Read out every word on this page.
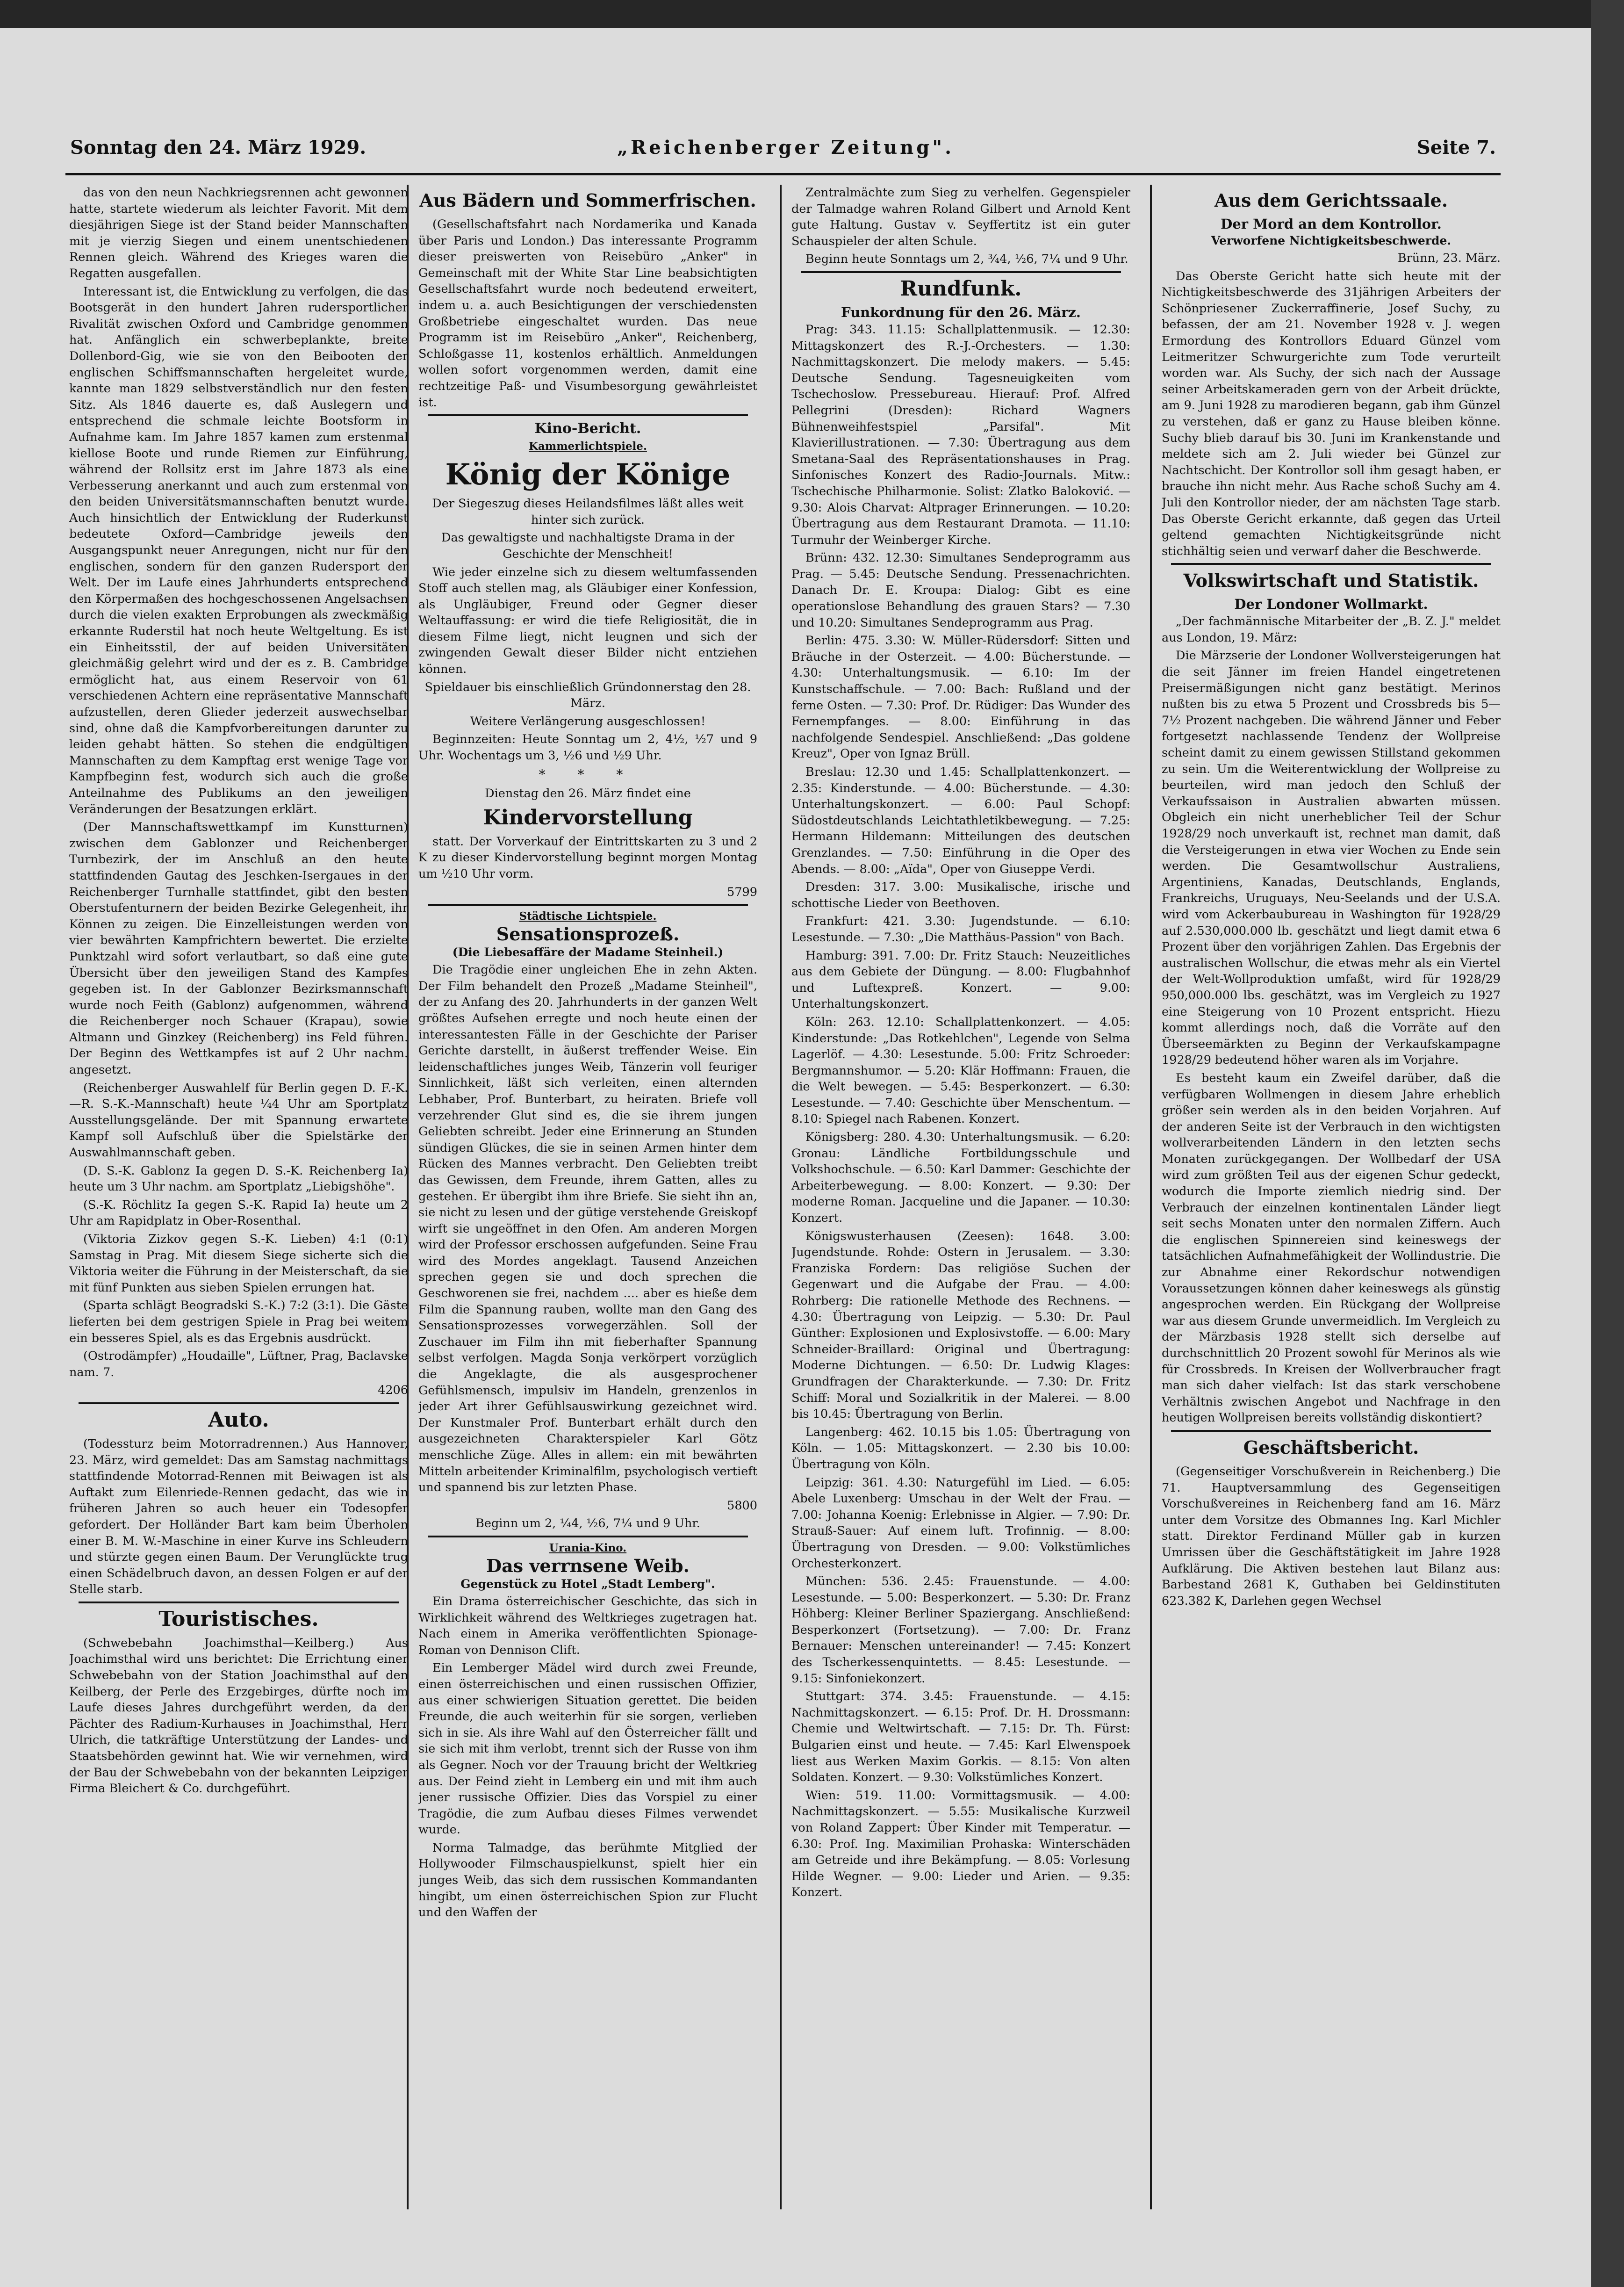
Sonntag den 24. März 1929.	„Reichenberger Zeitung".	Seite 7.

das von den neun Nachkriegsrennen acht gewonnen hatte, startete wiederum als leichter Favorit. Mit dem diesjährigen Siege ist der Stand beider Mannschaften mit je vierzig Siegen und einem unentschiedenen Rennen gleich. Während des Krieges waren die Regatten ausgefallen.

Interessant ist, die Entwicklung zu verfolgen, die das Bootsgerät in den hundert Jahren rudersportlicher Rivalität zwischen Oxford und Cambridge genommen hat. Anfänglich ein schwerbeplankte, breite Dollenbord-Gig, wie sie von den Beibooten der englischen Schiffsmannschaften hergeleitet wurde, kannte man 1829 selbstverständlich nur den festen Sitz. Als 1846 dauerte es, daß Auslegern und entsprechend die schmale leichte Bootsform in Aufnahme kam. Im Jahre 1857 kamen zum erstenmal kiellose Boote und runde Riemen zur Einführung, während der Rollsitz erst im Jahre 1873 als eine Verbesserung anerkannt und auch zum erstenmal von den beiden Universitätsmannschaften benutzt wurde. Auch hinsichtlich der Entwicklung der Ruderkunst bedeutete Oxford—Cambridge jeweils den Ausgangspunkt neuer Anregungen, nicht nur für den englischen, sondern für den ganzen Rudersport der Welt. Der im Laufe eines Jahrhunderts entsprechend den Körpermaßen des hochgeschossenen Angelsachsen durch die vielen exakten Erprobungen als zweckmäßig erkannte Ruderstil hat noch heute Weltgeltung. Es ist ein Einheitsstil, der auf beiden Universitäten gleichmäßig gelehrt wird und der es z. B. Cambridge ermöglicht hat, aus einem Reservoir von 61 verschiedenen Achtern eine repräsentative Mannschaft aufzustellen, deren Glieder jederzeit auswechselbar sind, ohne daß die Kampfvorbereitungen darunter zu leiden gehabt hätten. So stehen die endgültigen Mannschaften zu dem Kampftag erst wenige Tage vor Kampfbeginn fest, wodurch sich auch die große Anteilnahme des Publikums an den jeweiligen Veränderungen der Besatzungen erklärt.

(Der Mannschaftswettkampf im Kunstturnen) zwischen dem Gablonzer und Reichenberger Turnbezirk, der im Anschluß an den heute stattfindenden Gautag des Jeschken-Isergaues in der Reichenberger Turnhalle stattfindet, gibt den besten Oberstufenturnern der beiden Bezirke Gelegenheit, ihr Können zu zeigen. Die Einzelleistungen werden von vier bewährten Kampfrichtern bewertet. Die erzielte Punktzahl wird sofort verlautbart, so daß eine gute Übersicht über den jeweiligen Stand des Kampfes gegeben ist. In der Gablonzer Bezirksmannschaft wurde noch Feith (Gablonz) aufgenommen, während die Reichenberger noch Schauer (Krapau), sowie Altmann und Ginzkey (Reichenberg) ins Feld führen. Der Beginn des Wettkampfes ist auf 2 Uhr nachm. angesetzt.

(Reichenberger Auswahlelf für Berlin gegen D. F.-K.—R. S.-K.-Mannschaft) heute ¼4 Uhr am Sportplatz Ausstellungsgelände. Der mit Spannung erwartete Kampf soll Aufschluß über die Spielstärke der Auswahlmannschaft geben.

(D. S.-K. Gablonz Ia gegen D. S.-K. Reichenberg Ia) heute um 3 Uhr nachm. am Sportplatz „Liebigshöhe".

(S.-K. Röchlitz Ia gegen S.-K. Rapid Ia) heute um 2 Uhr am Rapidplatz in Ober-Rosenthal.

(Viktoria Zizkov gegen S.-K. Lieben) 4:1 (0:1) Samstag in Prag. Mit diesem Siege sicherte sich die Viktoria weiter die Führung in der Meisterschaft, da sie mit fünf Punkten aus sieben Spielen errungen hat.

(Sparta schlägt Beogradski S.-K.) 7:2 (3:1). Die Gäste lieferten bei dem gestrigen Spiele in Prag bei weitem ein besseres Spiel, als es das Ergebnis ausdrückt.

(Ostrodämpfer) „Houdaille", Lüftner, Prag, Baclavske nam. 7.

4206

Auto.

(Todessturz beim Motorradrennen.) Aus Hannover, 23. März, wird gemeldet: Das am Samstag nachmittags stattfindende Motorrad-Rennen mit Beiwagen ist als Auftakt zum Eilenriede-Rennen gedacht, das wie in früheren Jahren so auch heuer ein Todesopfer gefordert. Der Holländer Bart kam beim Überholen einer B. M. W.-Maschine in einer Kurve ins Schleudern und stürzte gegen einen Baum. Der Verunglückte trug einen Schädelbruch davon, an dessen Folgen er auf der Stelle starb.

Touristisches.

(Schwebebahn Joachimsthal—Keilberg.) Aus Joachimsthal wird uns berichtet: Die Errichtung einer Schwebebahn von der Station Joachimsthal auf den Keilberg, der Perle des Erzgebirges, dürfte noch im Laufe dieses Jahres durchgeführt werden, da der Pächter des Radium-Kurhauses in Joachimsthal, Herr Ulrich, die tatkräftige Unterstützung der Landes- und Staatsbehörden gewinnt hat. Wie wir vernehmen, wird der Bau der Schwebebahn von der bekannten Leipziger Firma Bleichert & Co. durchgeführt.

Aus Bädern und Sommerfrischen.

(Gesellschaftsfahrt nach Nordamerika und Kanada über Paris und London.) Das interessante Programm dieser preiswerten von Reisebüro „Anker" in Gemeinschaft mit der White Star Line beabsichtigten Gesellschaftsfahrt wurde noch bedeutend erweitert, indem u. a. auch Besichtigungen der verschiedensten Großbetriebe eingeschaltet wurden. Das neue Programm ist im Reisebüro „Anker", Reichenberg, Schloßgasse 11, kostenlos erhältlich. Anmeldungen wollen sofort vorgenommen werden, damit eine rechtzeitige Paß- und Visumbesorgung gewährleistet ist.

Kino-Bericht.
Kammerlichtspiele.
König der Könige

Der Siegeszug dieses Heilandsfilmes läßt alles weit hinter sich zurück.

Das gewaltigste und nachhaltigste Drama in der Geschichte der Menschheit!

Wie jeder einzelne sich zu diesem weltumfassenden Stoff auch stellen mag, als Gläubiger einer Konfession, als Ungläubiger, Freund oder Gegner dieser Weltauffassung: er wird die tiefe Religiosität, die in diesem Filme liegt, nicht leugnen und sich der zwingenden Gewalt dieser Bilder nicht entziehen können.

Spieldauer bis einschließlich Gründonnerstag den 28. März.

Weitere Verlängerung ausgeschlossen!

Beginnzeiten: Heute Sonntag um 2, 4½, ½7 und 9 Uhr. Wochentags um 3, ½6 und ½9 Uhr.

* * *

Dienstag den 26. März findet eine

Kindervorstellung

statt. Der Vorverkauf der Eintrittskarten zu 3 und 2 K zu dieser Kindervorstellung beginnt morgen Montag um ½10 Uhr vorm.

5799

Städtische Lichtspiele.
Sensationsprozeß.
(Die Liebesaffäre der Madame Steinheil.)

Die Tragödie einer ungleichen Ehe in zehn Akten. Der Film behandelt den Prozeß „Madame Steinheil", der zu Anfang des 20. Jahrhunderts in der ganzen Welt größtes Aufsehen erregte und noch heute einen der interessantesten Fälle in der Geschichte der Pariser Gerichte darstellt, in äußerst treffender Weise. Ein leidenschaftliches junges Weib, Tänzerin voll feuriger Sinnlichkeit, läßt sich verleiten, einen alternden Lebhaber, Prof. Bunterbart, zu heiraten. Briefe voll verzehrender Glut sind es, die sie ihrem jungen Geliebten schreibt. Jeder eine Erinnerung an Stunden sündigen Glückes, die sie in seinen Armen hinter dem Rücken des Mannes verbracht. Den Geliebten treibt das Gewissen, dem Freunde, ihrem Gatten, alles zu gestehen. Er übergibt ihm ihre Briefe. Sie sieht ihn an, sie nicht zu lesen und der gütige verstehende Greiskopf wirft sie ungeöffnet in den Ofen. Am anderen Morgen wird der Professor erschossen aufgefunden. Seine Frau wird des Mordes angeklagt. Tausend Anzeichen sprechen gegen sie und doch sprechen die Geschworenen sie frei, nachdem .... aber es hieße dem Film die Spannung rauben, wollte man den Gang des Sensationsprozesses vorwegerzählen. Soll der Zuschauer im Film ihn mit fieberhafter Spannung selbst verfolgen. Magda Sonja verkörpert vorzüglich die Angeklagte, die als ausgesprochener Gefühlsmensch, impulsiv im Handeln, grenzenlos in jeder Art ihrer Gefühlsauswirkung gezeichnet wird. Der Kunstmaler Prof. Bunterbart erhält durch den ausgezeichneten Charakterspieler Karl Götz menschliche Züge. Alles in allem: ein mit bewährten Mitteln arbeitender Kriminalfilm, psychologisch vertieft und spannend bis zur letzten Phase.

5800

Beginn um 2, ¼4, ½6, 7¼ und 9 Uhr.

Urania-Kino.
Das verrnsene Weib.
Gegenstück zu Hotel „Stadt Lemberg".

Ein Drama österreichischer Geschichte, das sich in Wirklichkeit während des Weltkrieges zugetragen hat. Nach einem in Amerika veröffentlichten Spionage-Roman von Dennison Clift.

Ein Lemberger Mädel wird durch zwei Freunde, einen österreichischen und einen russischen Offizier, aus einer schwierigen Situation gerettet. Die beiden Freunde, die auch weiterhin für sie sorgen, verlieben sich in sie. Als ihre Wahl auf den Österreicher fällt und sie sich mit ihm verlobt, trennt sich der Russe von ihm als Gegner. Noch vor der Trauung bricht der Weltkrieg aus. Der Feind zieht in Lemberg ein und mit ihm auch jener russische Offizier. Dies das Vorspiel zu einer Tragödie, die zum Aufbau dieses Filmes verwendet wurde.

Norma Talmadge, das berühmte Mitglied der Hollywooder Filmschauspielkunst, spielt hier ein junges Weib, das sich dem russischen Kommandanten hingibt, um einen österreichischen Spion zur Flucht und den Waffen der

Zentralmächte zum Sieg zu verhelfen. Gegenspieler der Talmadge wahren Roland Gilbert und Arnold Kent gute Haltung. Gustav v. Seyffertitz ist ein guter Schauspieler der alten Schule.

Beginn heute Sonntags um 2, ¾4, ½6, 7¼ und 9 Uhr.

Rundfunk.
Funkordnung für den 26. März.

Prag: 343. 11.15: Schallplattenmusik. — 12.30: Mittagskonzert des R.-J.-Orchesters. — 1.30: Nachmittagskonzert. Die melody makers. — 5.45: Deutsche Sendung. Tagesneuigkeiten vom Tschechoslow. Pressebureau. Hierauf: Prof. Alfred Pellegrini (Dresden): Richard Wagners Bühnenweihfestspiel „Parsifal". Mit Klavierillustrationen. — 7.30: Übertragung aus dem Smetana-Saal des Repräsentationshauses in Prag. Sinfonisches Konzert des Radio-Journals. Mitw.: Tschechische Philharmonie. Solist: Zlatko Baloković. — 9.30: Alois Charvat: Altprager Erinnerungen. — 10.20: Übertragung aus dem Restaurant Dramota. — 11.10: Turmuhr der Weinberger Kirche.

Brünn: 432. 12.30: Simultanes Sendeprogramm aus Prag. — 5.45: Deutsche Sendung. Pressenachrichten. Danach Dr. E. Kroupa: Dialog: Gibt es eine operationslose Behandlung des grauen Stars? — 7.30 und 10.20: Simultanes Sendeprogramm aus Prag.

Berlin: 475. 3.30: W. Müller-Rüdersdorf: Sitten und Bräuche in der Osterzeit. — 4.00: Bücherstunde. — 4.30: Unterhaltungsmusik. — 6.10: Im der Kunstschaffschule. — 7.00: Bach: Rußland und der ferne Osten. — 7.30: Prof. Dr. Rüdiger: Das Wunder des Fernempfanges. — 8.00: Einführung in das nachfolgende Sendespiel. Anschließend: „Das goldene Kreuz", Oper von Ignaz Brüll.

Breslau: 12.30 und 1.45: Schallplattenkonzert. — 2.35: Kinderstunde. — 4.00: Bücherstunde. — 4.30: Unterhaltungskonzert. — 6.00: Paul Schopf: Südostdeutschlands Leichtathletikbewegung. — 7.25: Hermann Hildemann: Mitteilungen des deutschen Grenzlandes. — 7.50: Einführung in die Oper des Abends. — 8.00: „Aïda", Oper von Giuseppe Verdi.

Dresden: 317. 3.00: Musikalische, irische und schottische Lieder von Beethoven.

Frankfurt: 421. 3.30: Jugendstunde. — 6.10: Lesestunde. — 7.30: „Die Matthäus-Passion" von Bach.

Hamburg: 391. 7.00: Dr. Fritz Stauch: Neuzeitliches aus dem Gebiete der Düngung. — 8.00: Flugbahnhof und Luftexpreß. Konzert. — 9.00: Unterhaltungskonzert.

Köln: 263. 12.10: Schallplattenkonzert. — 4.05: Kinderstunde: „Das Rotkehlchen", Legende von Selma Lagerlöf. — 4.30: Lesestunde. 5.00: Fritz Schroeder: Bergmannshumor. — 5.20: Klär Hoffmann: Frauen, die die Welt bewegen. — 5.45: Besperkonzert. — 6.30: Lesestunde. — 7.40: Geschichte über Menschentum. — 8.10: Spiegel nach Rabenen. Konzert.

Königsberg: 280. 4.30: Unterhaltungsmusik. — 6.20: Gronau: Ländliche Fortbildungsschule und Volkshochschule. — 6.50: Karl Dammer: Geschichte der Arbeiterbewegung. — 8.00: Konzert. — 9.30: Der moderne Roman. Jacqueline und die Japaner. — 10.30: Konzert.

Königswusterhausen (Zeesen): 1648. 3.00: Jugendstunde. Rohde: Ostern in Jerusalem. — 3.30: Franziska Fordern: Das religiöse Suchen der Gegenwart und die Aufgabe der Frau. — 4.00: Rohrberg: Die rationelle Methode des Rechnens. — 4.30: Übertragung von Leipzig. — 5.30: Dr. Paul Günther: Explosionen und Explosivstoffe. — 6.00: Mary Schneider-Braillard: Original und Übertragung: Moderne Dichtungen. — 6.50: Dr. Ludwig Klages: Grundfragen der Charakterkunde. — 7.30: Dr. Fritz Schiff: Moral und Sozialkritik in der Malerei. — 8.00 bis 10.45: Übertragung von Berlin.

Langenberg: 462. 10.15 bis 1.05: Übertragung von Köln. — 1.05: Mittagskonzert. — 2.30 bis 10.00: Übertragung von Köln.

Leipzig: 361. 4.30: Naturgefühl im Lied. — 6.05: Abele Luxenberg: Umschau in der Welt der Frau. — 7.00: Johanna Koenig: Erlebnisse in Algier. — 7.90: Dr. Strauß-Sauer: Auf einem luft. Trofinnig. — 8.00: Übertragung von Dresden. — 9.00: Volkstümliches Orchesterkonzert.

München: 536. 2.45: Frauenstunde. — 4.00: Lesestunde. — 5.00: Besperkonzert. — 5.30: Dr. Franz Höhberg: Kleiner Berliner Spaziergang. Anschließend: Besperkonzert (Fortsetzung). — 7.00: Dr. Franz Bernauer: Menschen untereinander! — 7.45: Konzert des Tscherkessenquintetts. — 8.45: Lesestunde. — 9.15: Sinfoniekonzert.

Stuttgart: 374. 3.45: Frauenstunde. — 4.15: Nachmittagskonzert. — 6.15: Prof. Dr. H. Drossmann: Chemie und Weltwirtschaft. — 7.15: Dr. Th. Fürst: Bulgarien einst und heute. — 7.45: Karl Elwenspoek liest aus Werken Maxim Gorkis. — 8.15: Von alten Soldaten. Konzert. — 9.30: Volkstümliches Konzert.

Wien: 519. 11.00: Vormittagsmusik. — 4.00: Nachmittagskonzert. — 5.55: Musikalische Kurzweil von Roland Zappert: Über Kinder mit Temperatur. — 6.30: Prof. Ing. Maximilian Prohaska: Winterschäden am Getreide und ihre Bekämpfung. — 8.05: Vorlesung Hilde Wegner. — 9.00: Lieder und Arien. — 9.35: Konzert.

Aus dem Gerichtssaale.
Der Mord an dem Kontrollor.
Verworfene Nichtigkeitsbeschwerde.

Brünn, 23. März.

Das Oberste Gericht hatte sich heute mit der Nichtigkeitsbeschwerde des 31jährigen Arbeiters der Schönpriesener Zuckerraffinerie, Josef Suchy, zu befassen, der am 21. November 1928 v. J. wegen Ermordung des Kontrollors Eduard Günzel vom Leitmeritzer Schwurgerichte zum Tode verurteilt worden war. Als Suchy, der sich nach der Aussage seiner Arbeitskameraden gern von der Arbeit drückte, am 9. Juni 1928 zu marodieren begann, gab ihm Günzel zu verstehen, daß er ganz zu Hause bleiben könne. Suchy blieb darauf bis 30. Juni im Krankenstande und meldete sich am 2. Juli wieder bei Günzel zur Nachtschicht. Der Kontrollor soll ihm gesagt haben, er brauche ihn nicht mehr. Aus Rache schoß Suchy am 4. Juli den Kontrollor nieder, der am nächsten Tage starb. Das Oberste Gericht erkannte, daß gegen das Urteil geltend gemachten Nichtigkeitsgründe nicht stichhältig seien und verwarf daher die Beschwerde.

Volkswirtschaft und Statistik.
Der Londoner Wollmarkt.

„Der fachmännische Mitarbeiter der „B. Z. J." meldet aus London, 19. März:

Die Märzserie der Londoner Wollversteigerungen hat die seit Jänner im freien Handel eingetretenen Preisermäßigungen nicht ganz bestätigt. Merinos nußten bis zu etwa 5 Prozent und Crossbreds bis 5—7½ Prozent nachgeben. Die während Jänner und Feber fortgesetzt nachlassende Tendenz der Wollpreise scheint damit zu einem gewissen Stillstand gekommen zu sein. Um die Weiterentwicklung der Wollpreise zu beurteilen, wird man jedoch den Schluß der Verkaufssaison in Australien abwarten müssen. Obgleich ein nicht unerheblicher Teil der Schur 1928/29 noch unverkauft ist, rechnet man damit, daß die Versteigerungen in etwa vier Wochen zu Ende sein werden. Die Gesamtwollschur Australiens, Argentiniens, Kanadas, Deutschlands, Englands, Frankreichs, Uruguays, Neu-Seelands und der U.S.A. wird vom Ackerbaubureau in Washington für 1928/29 auf 2.530,000.000 lb. geschätzt und liegt damit etwa 6 Prozent über den vorjährigen Zahlen. Das Ergebnis der australischen Wollschur, die etwas mehr als ein Viertel der Welt-Wollproduktion umfaßt, wird für 1928/29 950,000.000 lbs. geschätzt, was im Vergleich zu 1927 eine Steigerung von 10 Prozent entspricht. Hiezu kommt allerdings noch, daß die Vorräte auf den Überseemärkten zu Beginn der Verkaufskampagne 1928/29 bedeutend höher waren als im Vorjahre.

Es besteht kaum ein Zweifel darüber, daß die verfügbaren Wollmengen in diesem Jahre erheblich größer sein werden als in den beiden Vorjahren. Auf der anderen Seite ist der Verbrauch in den wichtigsten wollverarbeitenden Ländern in den letzten sechs Monaten zurückgegangen. Der Wollbedarf der USA wird zum größten Teil aus der eigenen Schur gedeckt, wodurch die Importe ziemlich niedrig sind. Der Verbrauch der einzelnen kontinentalen Länder liegt seit sechs Monaten unter den normalen Ziffern. Auch die englischen Spinnereien sind keineswegs der tatsächlichen Aufnahmefähigkeit der Wollindustrie. Die zur Abnahme einer Rekordschur notwendigen Voraussetzungen können daher keineswegs als günstig angesprochen werden. Ein Rückgang der Wollpreise war aus diesem Grunde unvermeidlich. Im Vergleich zu der Märzbasis 1928 stellt sich derselbe auf durchschnittlich 20 Prozent sowohl für Merinos als wie für Crossbreds. In Kreisen der Wollverbraucher fragt man sich daher vielfach: Ist das stark verschobene Verhältnis zwischen Angebot und Nachfrage in den heutigen Wollpreisen bereits vollständig diskontiert?

Geschäftsbericht.

(Gegenseitiger Vorschußverein in Reichenberg.) Die 71. Hauptversammlung des Gegenseitigen Vorschußvereines in Reichenberg fand am 16. März unter dem Vorsitze des Obmannes Ing. Karl Michler statt. Direktor Ferdinand Müller gab in kurzen Umrissen über die Geschäftstätigkeit im Jahre 1928 Aufklärung. Die Aktiven bestehen laut Bilanz aus: Barbestand 2681 K, Guthaben bei Geldinstituten 623.382 K, Darlehen gegen Wechsel
